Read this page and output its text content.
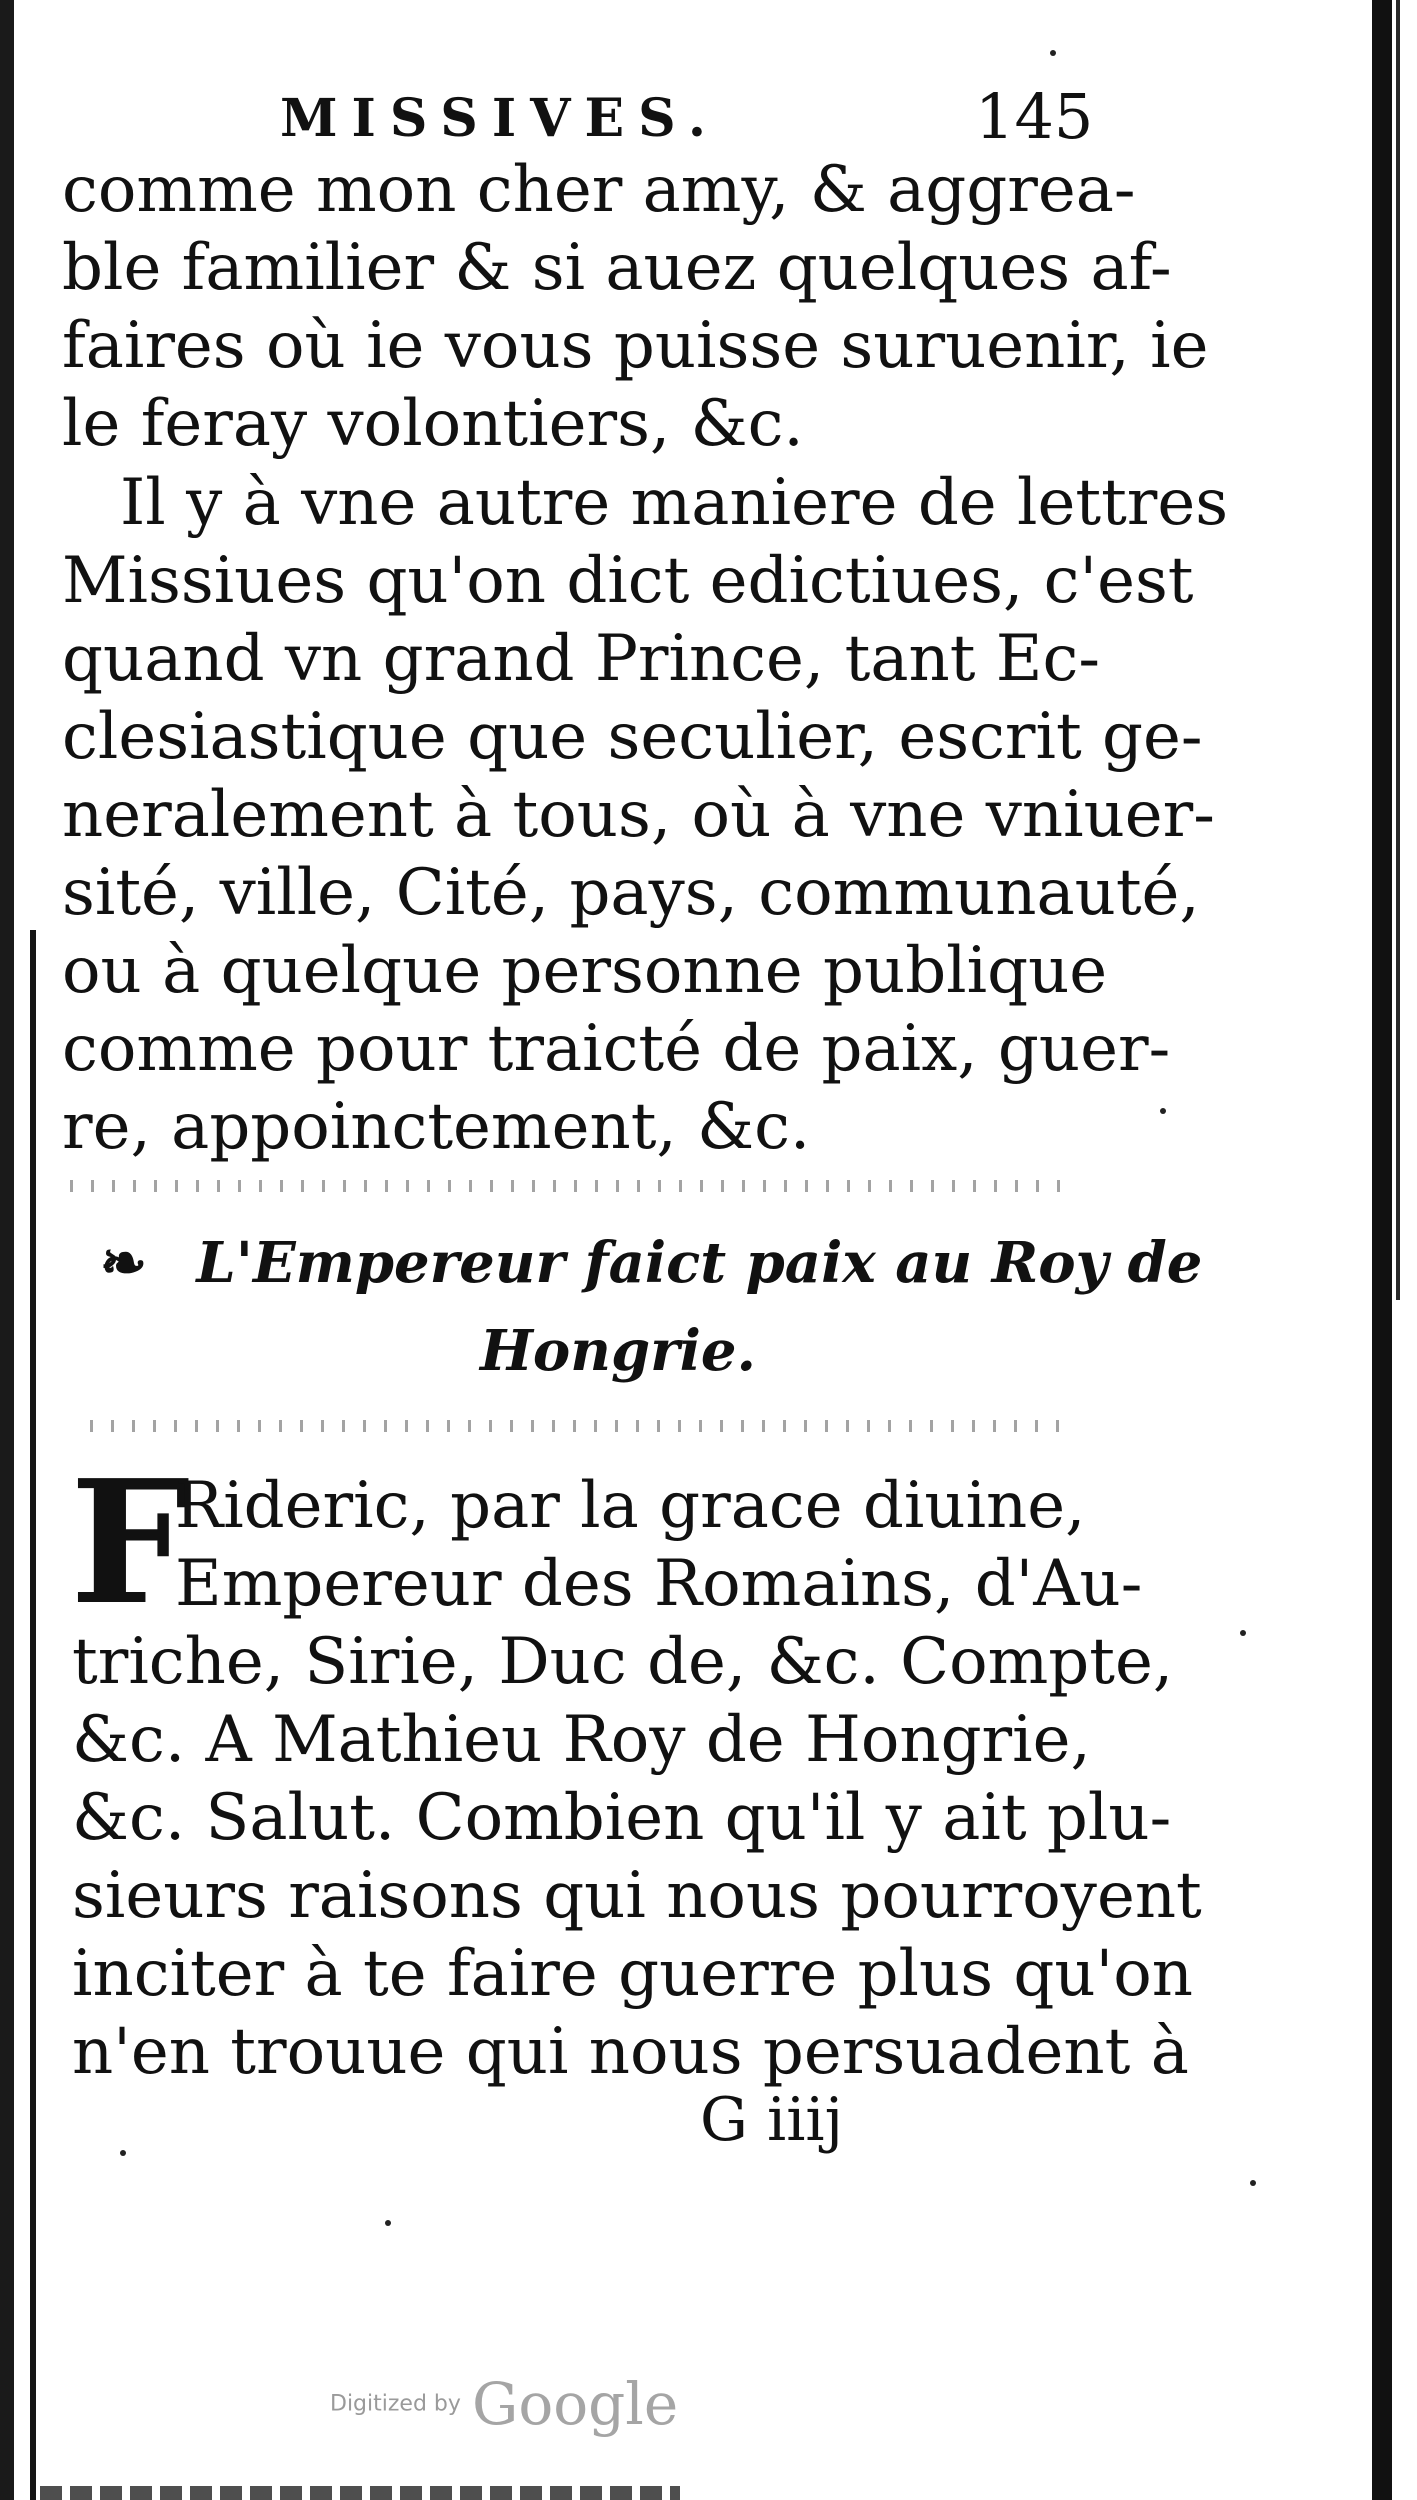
MISSIVES.	145
comme mon cher amy, & aggrea-
ble familier & si auez quelques af-
faires où ie vous puisse suruenir, ie
le feray volontiers, &c.
Il y à vne autre maniere de lettres
Missiues qu'on dict edictiues, c'est
quand vn grand Prince, tant Ec-
clesiastique que seculier, escrit ge-
neralement à tous, où à vne vniuer-
sité, ville, Cité, pays, communauté,
ou à quelque personne publique
comme pour traicté de paix, guer-
re, appoinctement, &c.
❧ L'Empereur faict paix au Roy de
Hongrie.
F
Rideric, par la grace diuine,
Empereur des Romains, d'Au-
triche, Sirie, Duc de, &c. Compte,
&c. A Mathieu Roy de Hongrie,
&c. Salut. Combien qu'il y ait plu-
sieurs raisons qui nous pourroyent
inciter à te faire guerre plus qu'on
n'en trouue qui nous persuadent à
G iiij
Digitized by Google
